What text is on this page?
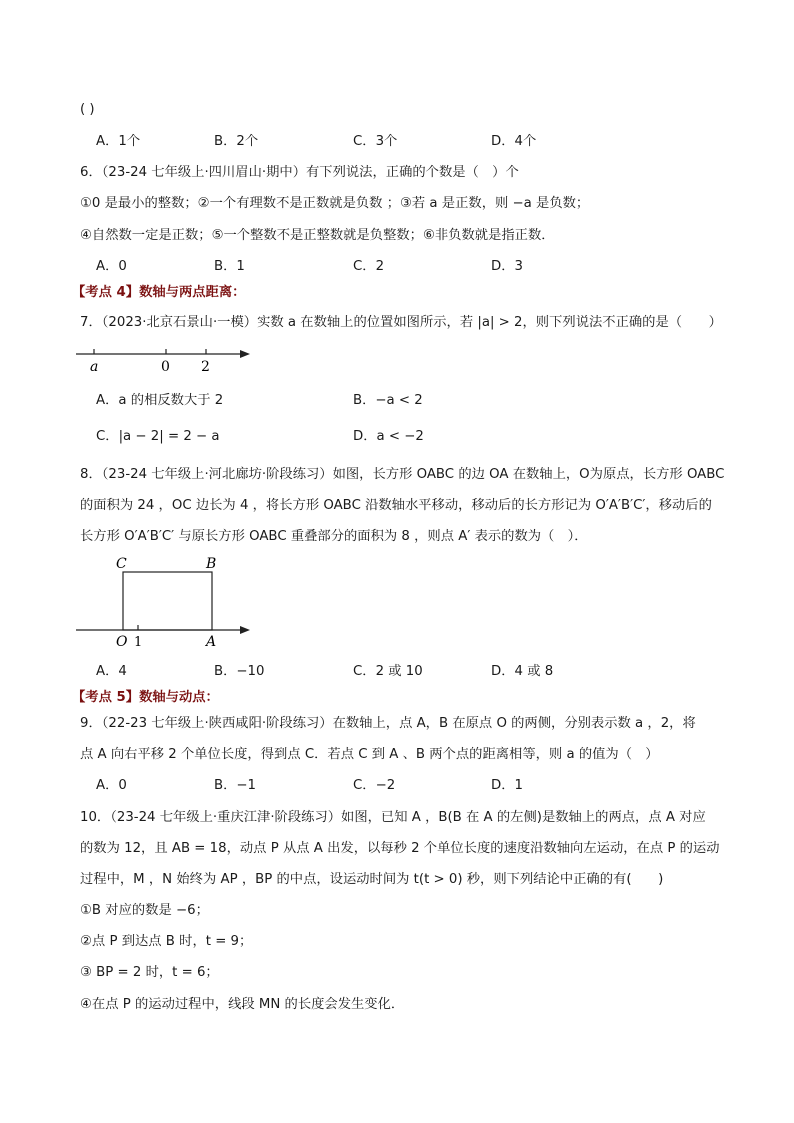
( )
A．1个	B．2个	C．3个	D．4个
6．（23-24 七年级上·四川眉山·期中）有下列说法，正确的个数是（　）个
①0 是最小的整数；②一个有理数不是正数就是负数 ；③若 a 是正数，则 −a 是负数；
④自然数一定是正数；⑤一个整数不是正整数就是负整数；⑥非负数就是指正数．
A．0	B．1	C．2	D．3
【考点 4】数轴与两点距离：
7．（2023·北京石景山·一模）实数 a 在数轴上的位置如图所示，若 |a| > 2，则下列说法不正确的是（　　）
a	0 2
A．a 的相反数大于 2	B．−a < 2
C．|a − 2| = 2 − a	D．a < −2
8．（23-24 七年级上·河北廊坊·阶段练习）如图，长方形 OABC 的边 OA 在数轴上，O为原点，长方形 OABC
的面积为 24 ，OC 边长为 4 ，将长方形 OABC 沿数轴水平移动，移动后的长方形记为 O′A′B′C′，移动后的
长方形 O′A′B′C′ 与原长方形 OABC 重叠部分的面积为 8 ，则点 A′ 表示的数为（　）．
C	B
O 1	A
A．4	B．−10	C．2 或 10	D．4 或 8
【考点 5】数轴与动点：
9．（22-23 七年级上·陕西咸阳·阶段练习）在数轴上，点 A，B 在原点 O 的两侧，分别表示数 a ，2，将
点 A 向右平移 2 个单位长度，得到点 C．若点 C 到 A 、B 两个点的距离相等，则 a 的值为（　）
A．0	B．−1	C．−2	D．1
10．（23-24 七年级上·重庆江津·阶段练习）如图，已知 A ，B(B 在 A 的左侧)是数轴上的两点，点 A 对应
的数为 12，且 AB = 18，动点 P 从点 A 出发，以每秒 2 个单位长度的速度沿数轴向左运动，在点 P 的运动
过程中，M ，N 始终为 AP ，BP 的中点，设运动时间为 t(t > 0) 秒，则下列结论中正确的有(　　)
①B 对应的数是 −6；
②点 P 到达点 B 时，t = 9；
③ BP = 2 时，t = 6；
④在点 P 的运动过程中，线段 MN 的长度会发生变化．
